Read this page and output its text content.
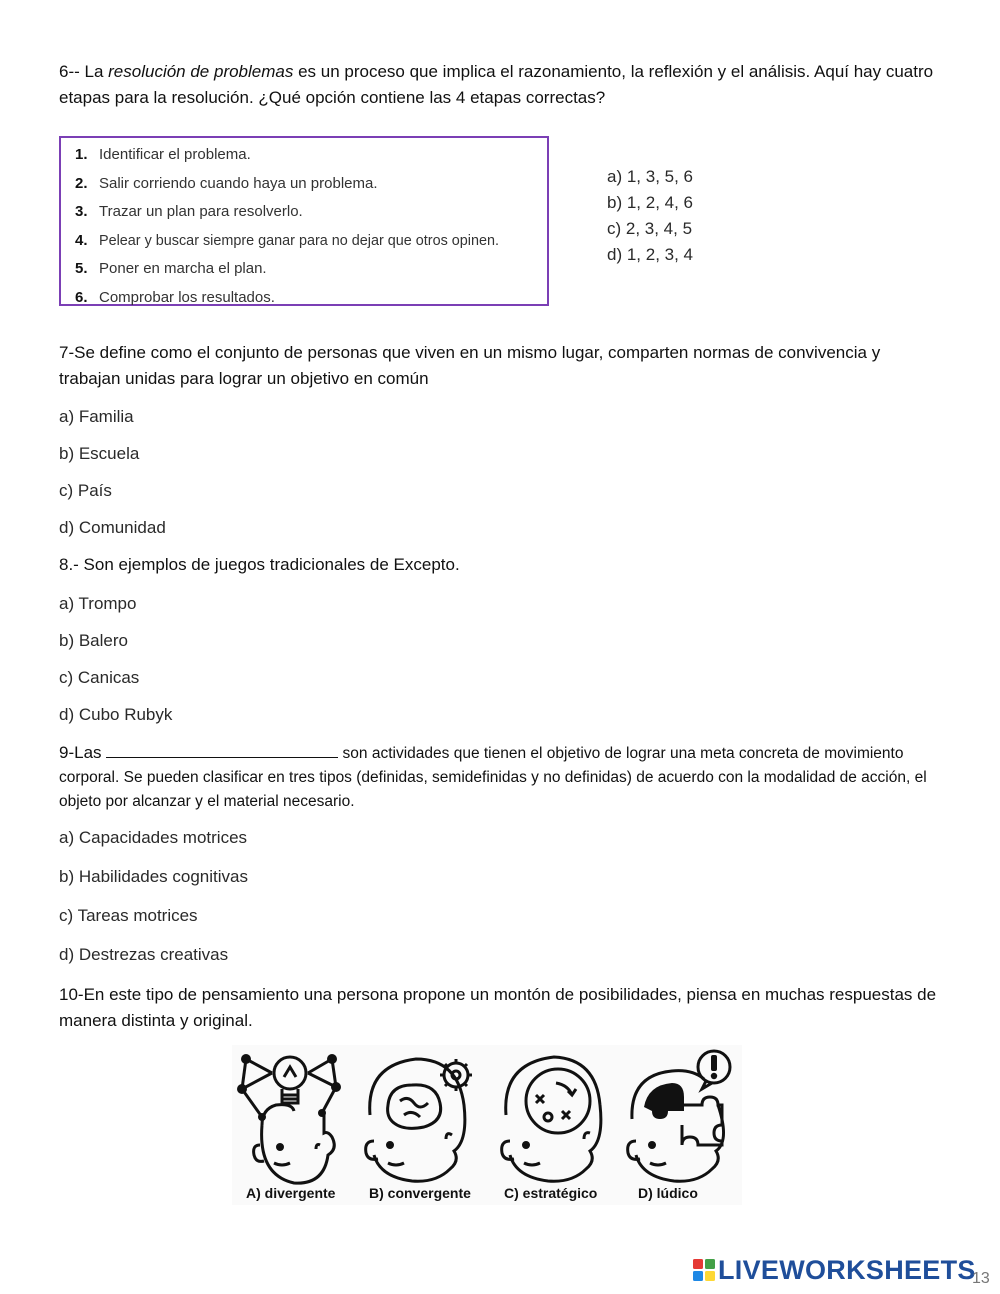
6-- La resolución de problemas es un proceso que implica el razonamiento, la reflexión y el análisis. Aquí hay cuatro etapas para la resolución. ¿Qué opción contiene las 4 etapas correctas?
1. Identificar el problema.
2. Salir corriendo cuando haya un problema.
3. Trazar un plan para resolverlo.
4. Pelear y buscar siempre ganar para no dejar que otros opinen.
5. Poner en marcha el plan.
6. Comprobar los resultados.
a) 1, 3, 5, 6
b) 1, 2, 4, 6
c) 2, 3, 4, 5
d) 1, 2, 3, 4
7-Se define como el conjunto de personas que viven en un mismo lugar, comparten normas de convivencia y trabajan unidas para lograr un objetivo en común
a) Familia
b) Escuela
c) País
d) Comunidad
8.- Son ejemplos de juegos tradicionales de Excepto.
a) Trompo
b) Balero
c) Canicas
d) Cubo Rubyk
9-Las	son actividades que tienen el objetivo de lograr una meta concreta de movimiento corporal. Se pueden clasificar en tres tipos (definidas, semidefinidas y no definidas) de acuerdo con la modalidad de acción, el objeto por alcanzar y el material necesario.
a) Capacidades motrices
b) Habilidades cognitivas
c) Tareas motrices
d) Destrezas creativas
10-En este tipo de pensamiento una persona propone un montón de posibilidades, piensa en muchas respuestas de manera distinta y original.
A) divergente B) convergente C) estratégico	D) lúdico
LIVEWORKSHEETS
13
